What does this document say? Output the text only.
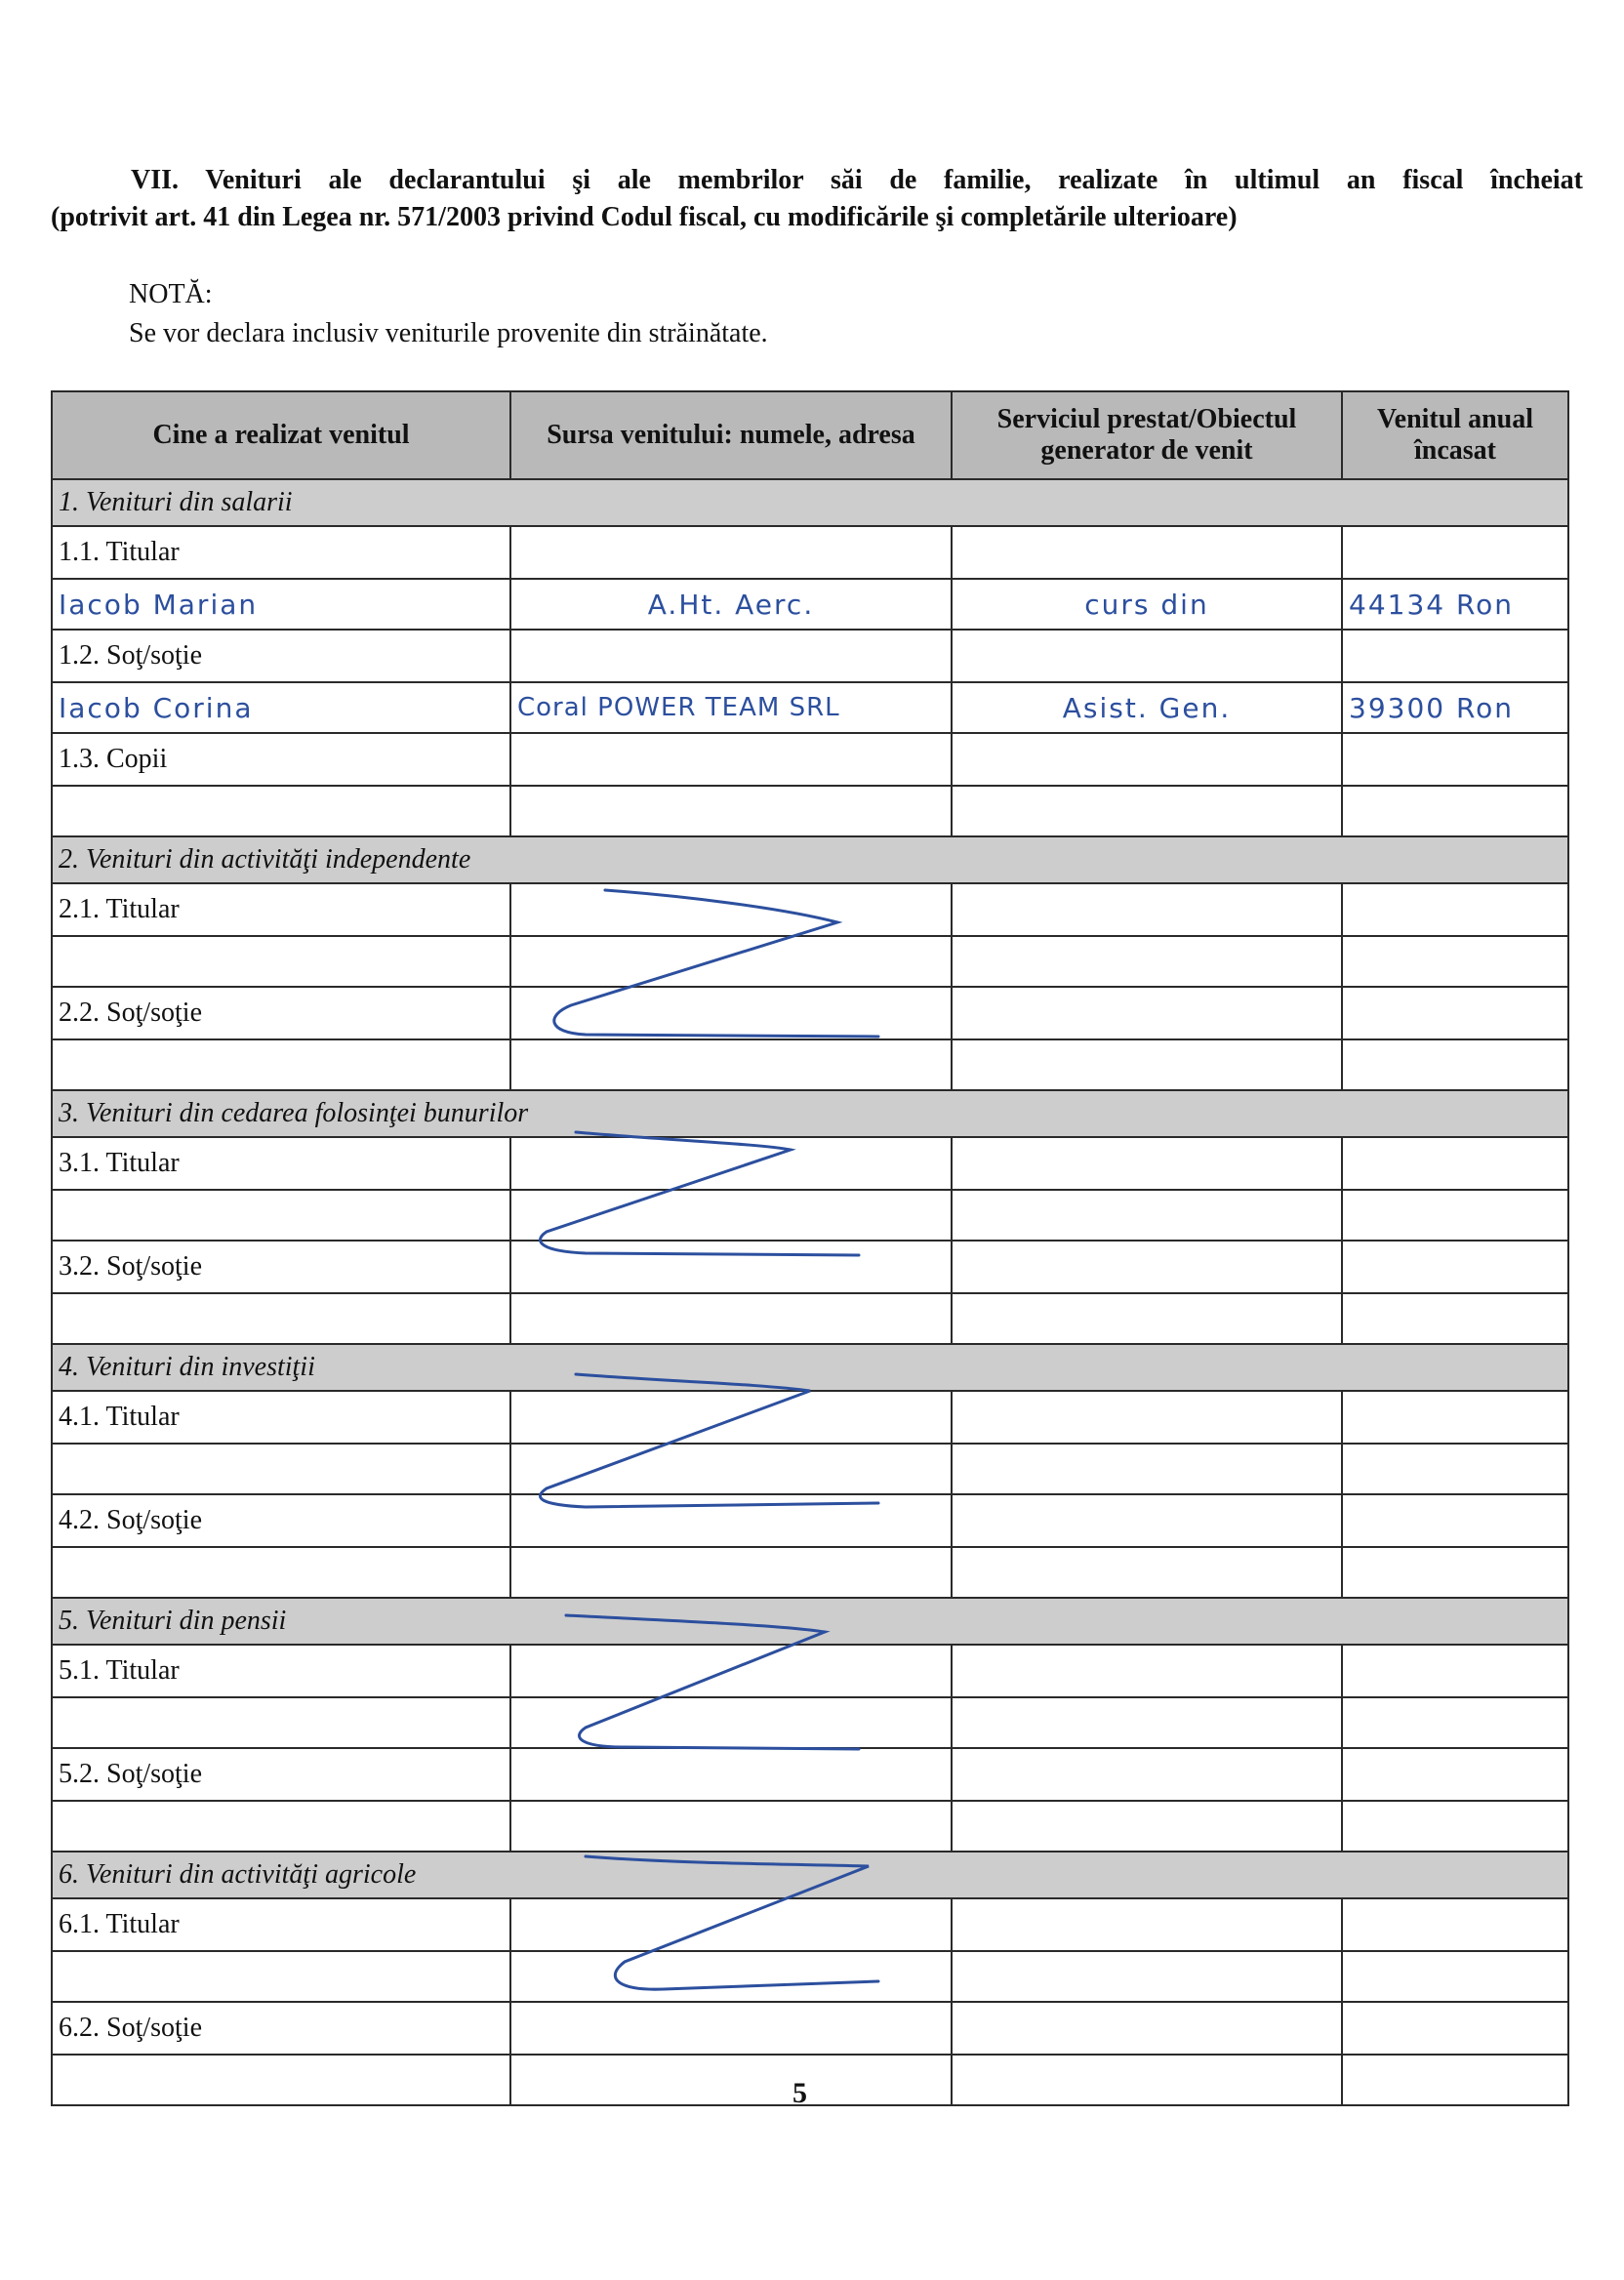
VII. Venituri ale declarantului şi ale membrilor săi de familie, realizate în ultimul an fiscal încheiat
(potrivit art. 41 din Legea nr. 571/2003 privind Codul fiscal, cu modificările şi completările ulterioare)
NOTĂ:
Se vor declara inclusiv veniturile provenite din străinătate.
Cine a realizat venitul	Sursa venitului: numele, adresa	Serviciul prestat/Obiectul generator de venit	Venitul anual încasat
1. Venituri din salarii			
1.1. Titular			
Iacob Marian	A.Ht. Aerc.	curs din	44134 Ron
1.2. Soţ/soţie			
Iacob Corina	Coral POWER TEAM SRL	Asist. Gen.	39300 Ron
1.3. Copii			

2. Venituri din activităţi independente			
2.1. Titular			

2.2. Soţ/soţie			

3. Venituri din cedarea folosinţei bunurilor			
3.1. Titular			

3.2. Soţ/soţie			

4. Venituri din investiţii			
4.1. Titular			

4.2. Soţ/soţie			

5. Venituri din pensii			
5.1. Titular			

5.2. Soţ/soţie			

6. Venituri din activităţi agricole			
6.1. Titular			

6.2. Soţ/soţie			

5
